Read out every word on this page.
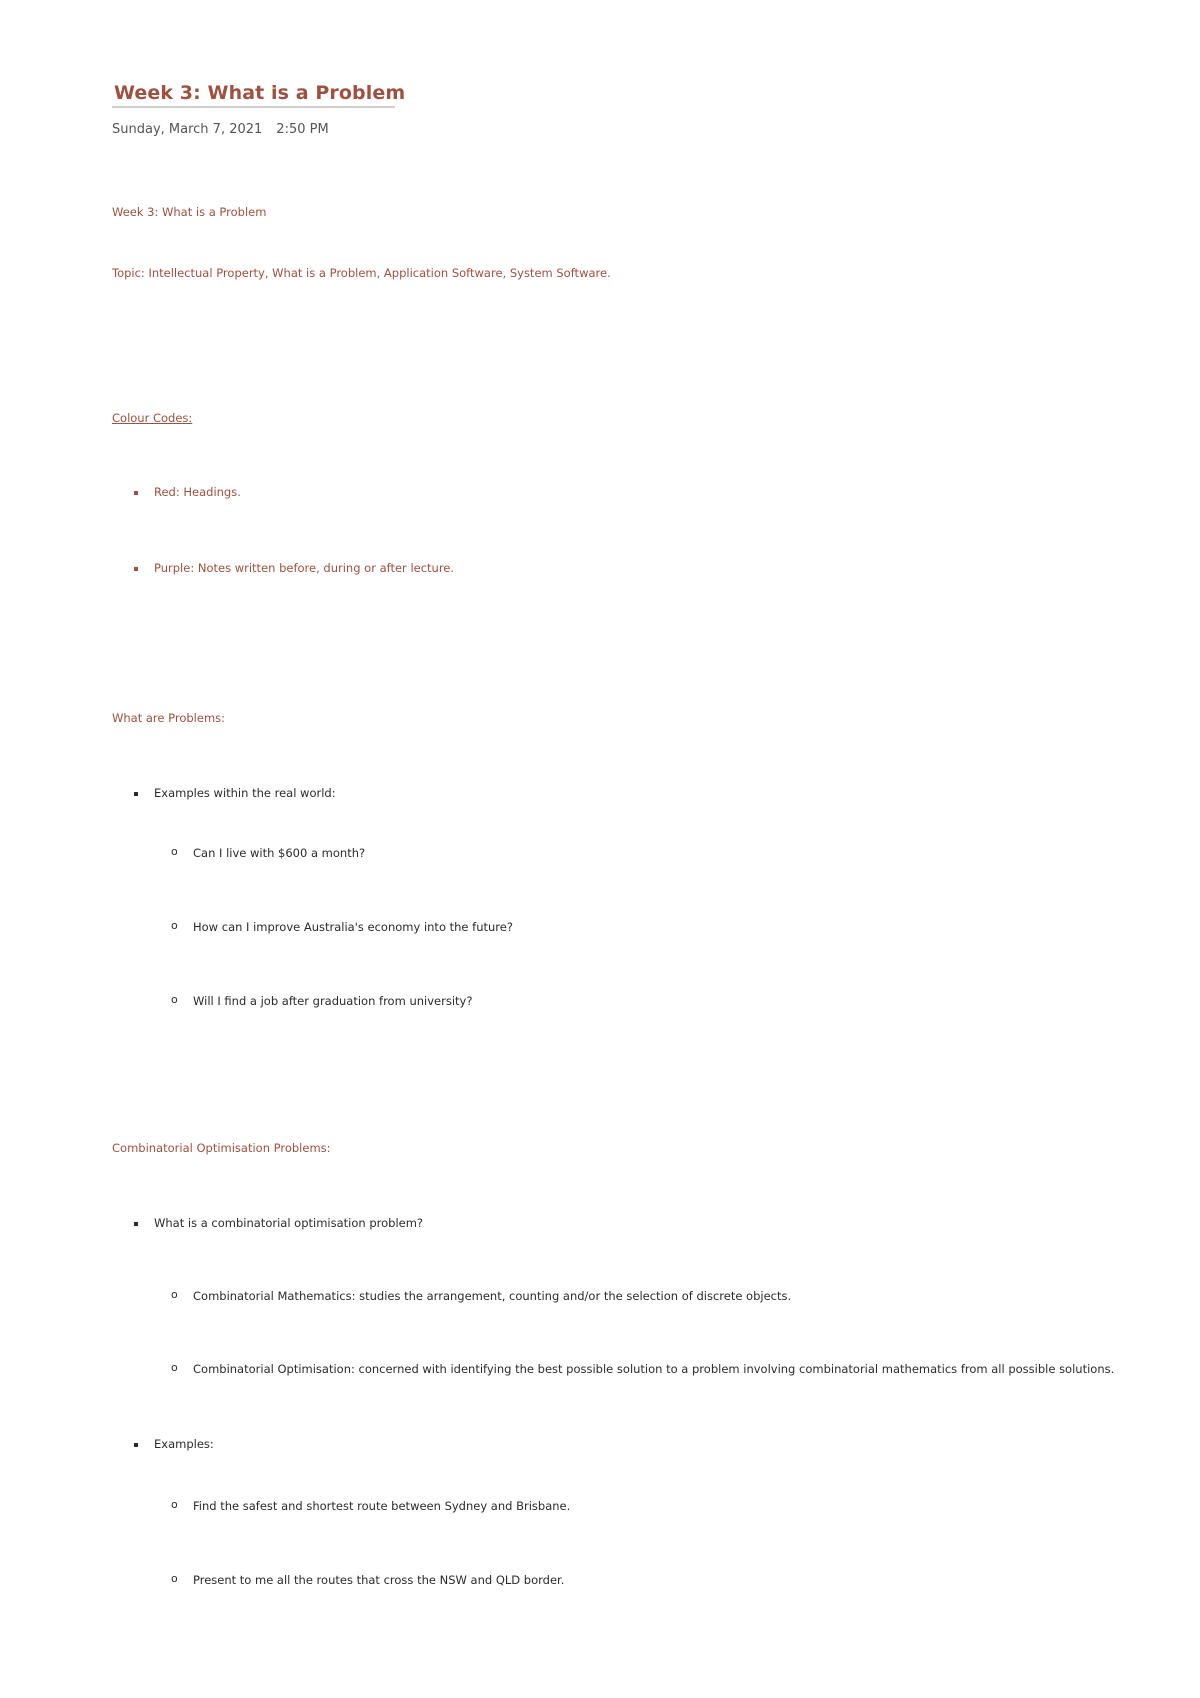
Week 3: What is a Problem
Sunday, March 7, 2021 2:50 PM
Week 3: What is a Problem
Topic: Intellectual Property, What is a Problem, Application Software, System Software.
Colour Codes:
Red: Headings.
Purple: Notes written before, during or after lecture.
What are Problems:
Examples within the real world:
o Can I live with $600 a month?
o How can I improve Australia's economy into the future?
o Will I find a job after graduation from university?
Combinatorial Optimisation Problems:
What is a combinatorial optimisation problem?
o Combinatorial Mathematics: studies the arrangement, counting and/or the selection of discrete objects.
o Combinatorial Optimisation: concerned with identifying the best possible solution to a problem involving combinatorial mathematics from all possible solutions.
Examples:
o Find the safest and shortest route between Sydney and Brisbane.
o Present to me all the routes that cross the NSW and QLD border.
